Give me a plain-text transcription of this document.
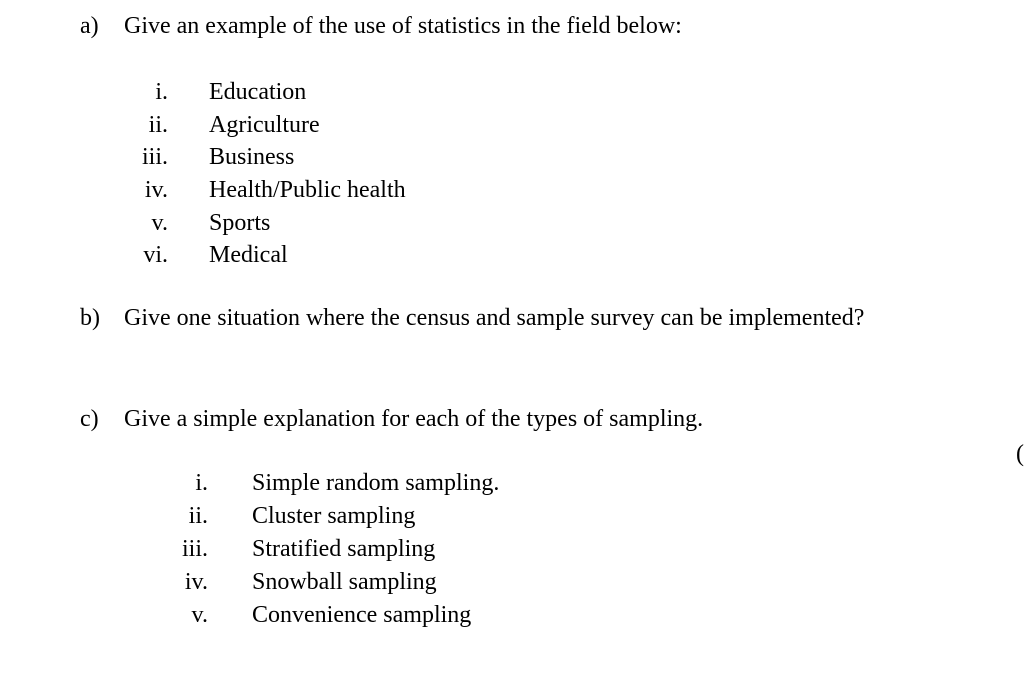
a) Give an example of the use of statistics in the field below:
i. Education
ii. Agriculture
iii. Business
iv. Health/Public health
v. Sports
vi. Medical
b) Give one situation where the census and sample survey can be implemented?
c) Give a simple explanation for each of the types of sampling.
(
i. Simple random sampling.
ii. Cluster sampling
iii. Stratified sampling
iv. Snowball sampling
v. Convenience sampling
